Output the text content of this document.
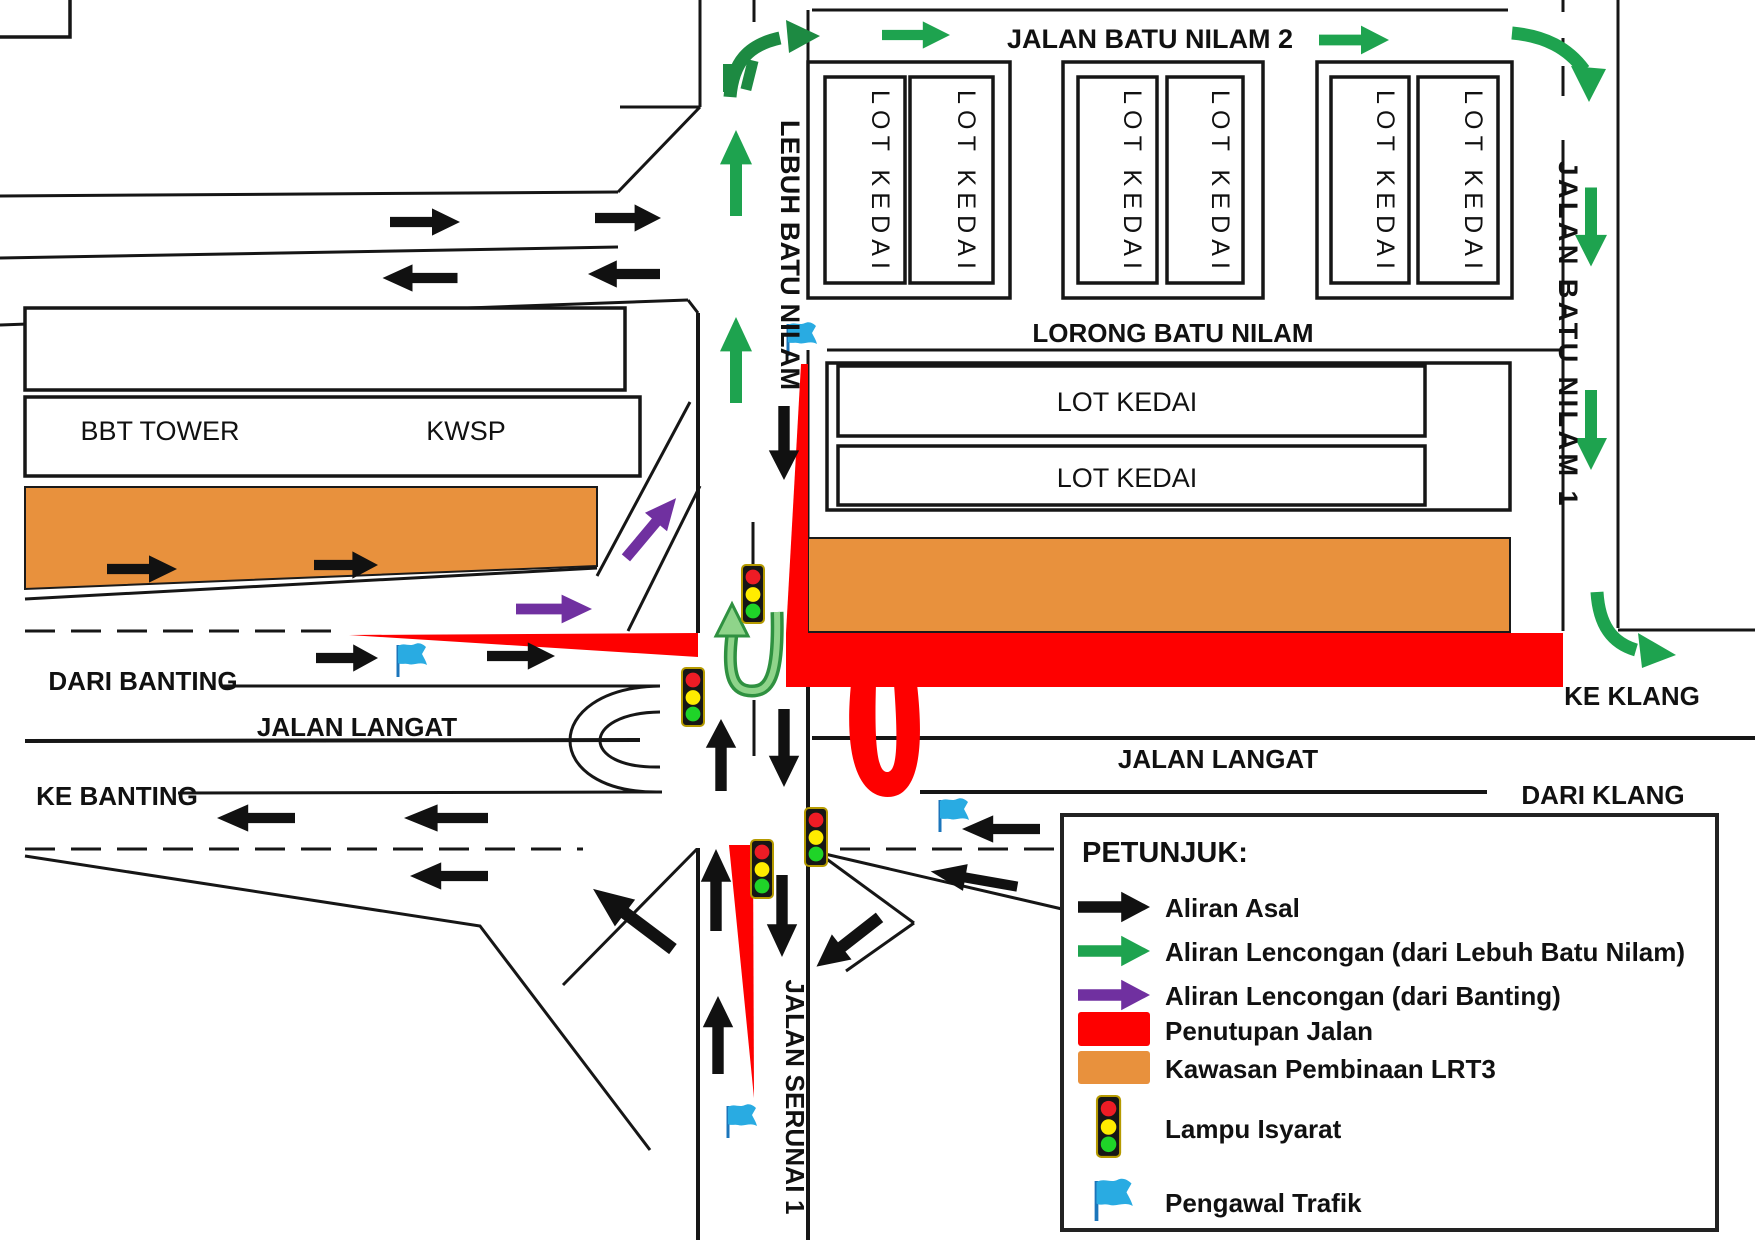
JALAN BATU NILAM 2
LORONG BATU NILAM
JALAN BATU NILAM 1
LEBUH BATU NILAM
JALAN SERUNAI 1
JALAN LANGAT
JALAN LANGAT
DARI BANTING
KE BANTING
KE KLANG
DARI KLANG
BBT TOWER	KWSP
LOT KEDAI
LOT KEDAI
LOT KEDAI
LOT KEDAI
LOT KEDAI
LOT KEDAI
LOT KEDAI
LOT KEDAI
PETUNJUK:
Aliran Asal
Aliran Lencongan (dari Lebuh Batu Nilam)
Aliran Lencongan (dari Banting)
Penutupan Jalan
Kawasan Pembinaan LRT3
Lampu Isyarat
Pengawal Trafik
